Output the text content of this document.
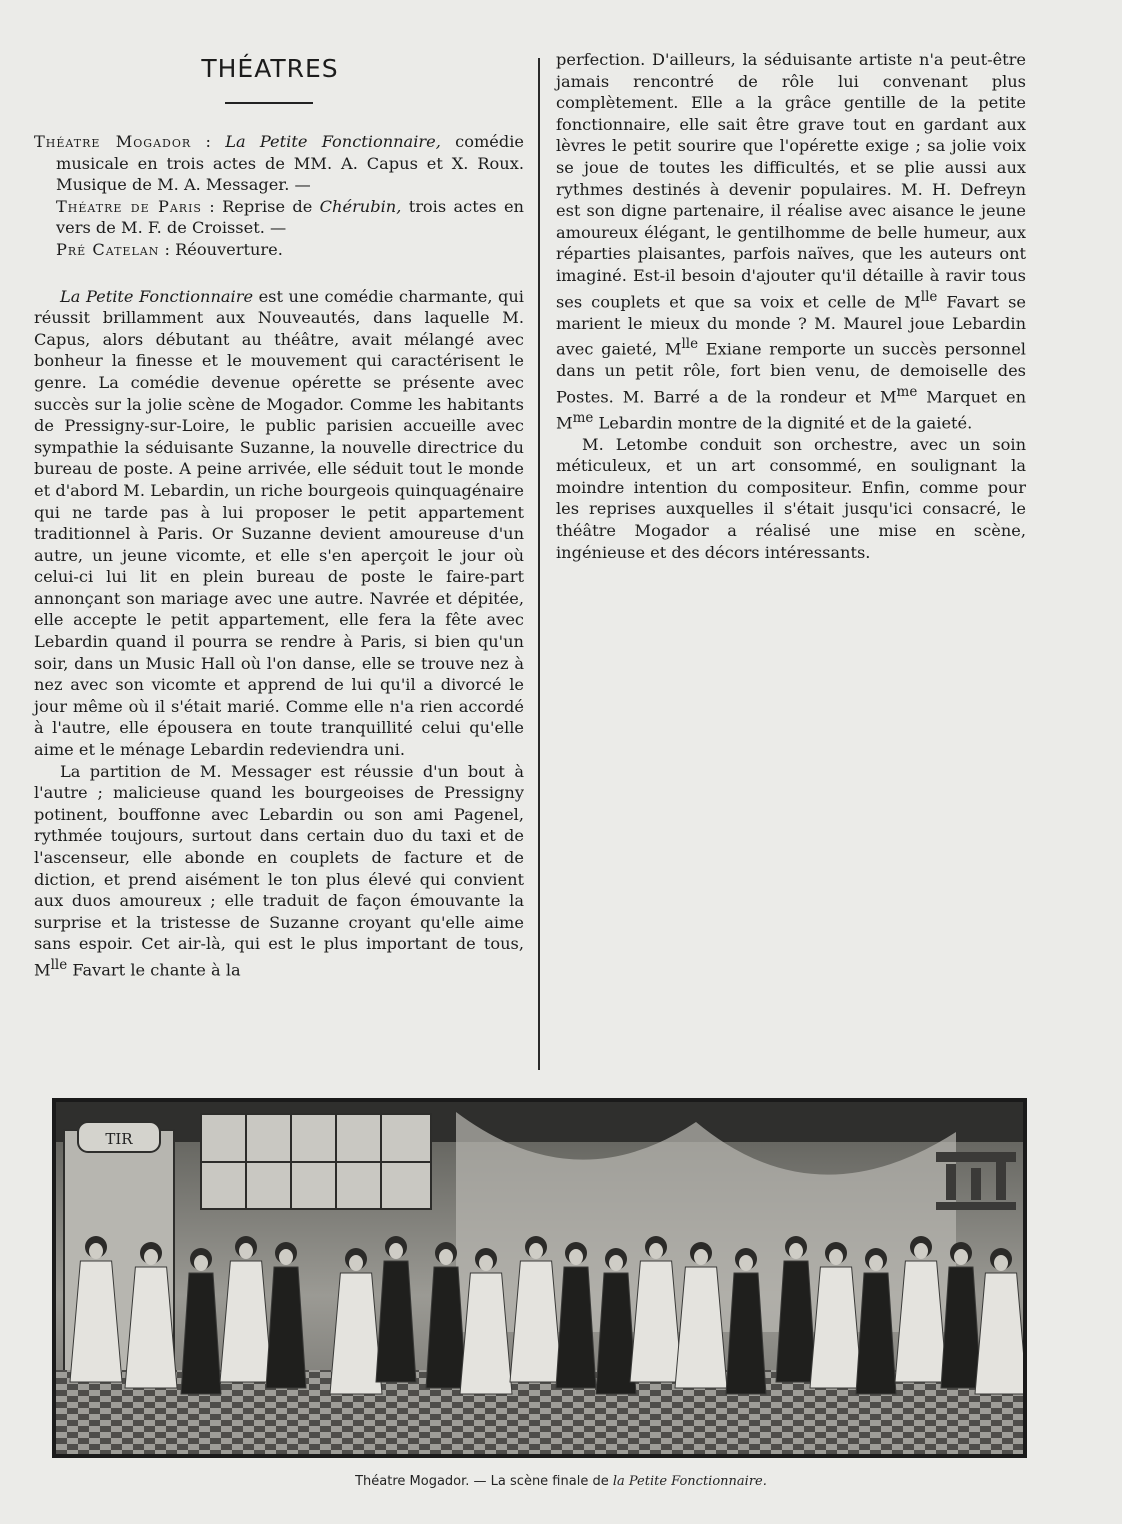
THÉATRES

Théatre Mogador : La Petite Fonctionnaire, comédie musicale en trois actes de MM. A. Capus et X. Roux. Musique de M. A. Messager. —
Théatre de Paris : Reprise de Chérubin, trois actes en vers de M. F. de Croisset. —
Pré Catelan : Réouverture.

La Petite Fonctionnaire est une comédie charmante, qui réussit brillamment aux Nouveautés, dans laquelle M. Capus, alors débutant au théâtre, avait mélangé avec bonheur la finesse et le mouvement qui caractérisent le genre. La comédie devenue opérette se présente avec succès sur la jolie scène de Mogador. Comme les habitants de Pressigny-sur-Loire, le public parisien accueille avec sympathie la séduisante Suzanne, la nouvelle directrice du bureau de poste. A peine arrivée, elle séduit tout le monde et d'abord M. Lebardin, un riche bourgeois quinquagénaire qui ne tarde pas à lui proposer le petit appartement traditionnel à Paris. Or Suzanne devient amoureuse d'un autre, un jeune vicomte, et elle s'en aperçoit le jour où celui-ci lui lit en plein bureau de poste le faire-part annonçant son mariage avec une autre. Navrée et dépitée, elle accepte le petit appartement, elle fera la fête avec Lebardin quand il pourra se rendre à Paris, si bien qu'un soir, dans un Music Hall où l'on danse, elle se trouve nez à nez avec son vicomte et apprend de lui qu'il a divorcé le jour même où il s'était marié. Comme elle n'a rien accordé à l'autre, elle épousera en toute tranquillité celui qu'elle aime et le ménage Lebardin redeviendra uni.

La partition de M. Messager est réussie d'un bout à l'autre ; malicieuse quand les bourgeoises de Pressigny potinent, bouffonne avec Lebardin ou son ami Pagenel, rythmée toujours, surtout dans certain duo du taxi et de l'ascenseur, elle abonde en couplets de facture et de diction, et prend aisément le ton plus élevé qui convient aux duos amoureux ; elle traduit de façon émouvante la surprise et la tristesse de Suzanne croyant qu'elle aime sans espoir. Cet air-là, qui est le plus important de tous, $M^{lle}$ Favart le chante à la

perfection. D'ailleurs, la séduisante artiste n'a peut-être jamais rencontré de rôle lui convenant plus complètement. Elle a la grâce gentille de la petite fonctionnaire, elle sait être grave tout en gardant aux lèvres le petit sourire que l'opérette exige ; sa jolie voix se joue de toutes les difficultés, et se plie aussi aux rythmes destinés à devenir populaires. M. H. Defreyn est son digne partenaire, il réalise avec aisance le jeune amoureux élégant, le gentilhomme de belle humeur, aux réparties plaisantes, parfois naïves, que les auteurs ont imaginé. Est-il besoin d'ajouter qu'il détaille à ravir tous ses couplets et que sa voix et celle de $M^{lle}$ Favart se marient le mieux du monde ? M. Maurel joue Lebardin avec gaieté, $M^{lle}$ Exiane remporte un succès personnel dans un petit rôle, fort bien venu, de demoiselle des Postes. M. Barré a de la rondeur et $M^{me}$ Marquet en $M^{me}$ Lebardin montre de la dignité et de la gaieté.

M. Letombe conduit son orchestre, avec un soin méticuleux, et un art consommé, en soulignant la moindre intention du compositeur. Enfin, comme pour les reprises auxquelles il s'était jusqu'ici consacré, le théâtre Mogador a réalisé une mise en scène, ingénieuse et des décors intéressants.

TIR
Théatre Mogador. — La scène finale de la Petite Fonctionnaire.
